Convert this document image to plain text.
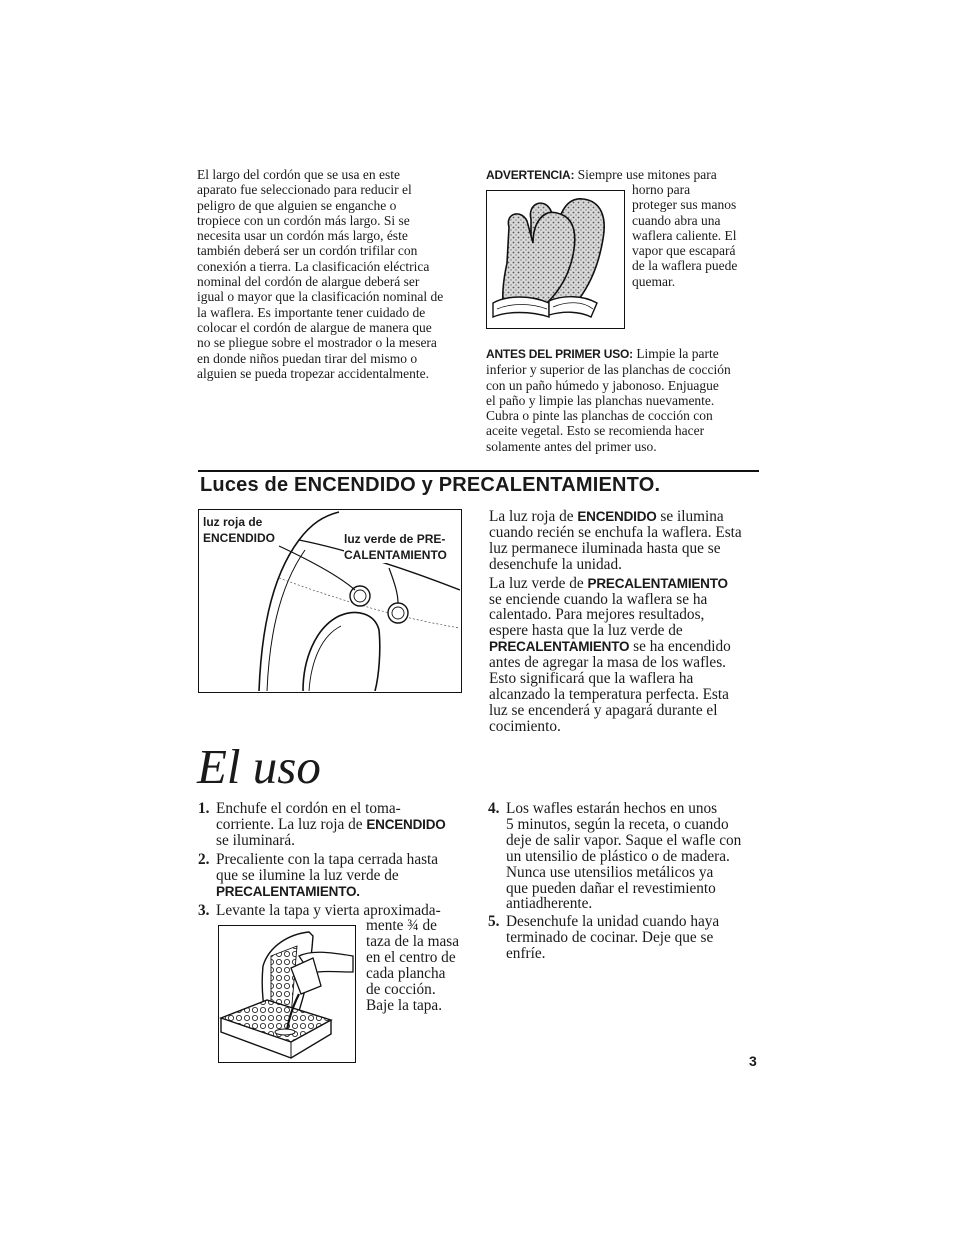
El largo del cordón que se usa en este
aparato fue seleccionado para reducir el
peligro de que alguien se enganche o
tropiece con un cordón más largo. Si se
necesita usar un cordón más largo, éste
también deberá ser un cordón trifilar con
conexión a tierra. La clasificación eléctrica
nominal del cordón de alargue deberá ser
igual o mayor que la clasificación nominal de
la waflera. Es importante tener cuidado de
colocar el cordón de alargue de manera que
no se pliegue sobre el mostrador o la mesera
en donde niños puedan tirar del mismo o
alguien se pueda tropezar accidentalmente.
ADVERTENCIA: Siempre use mitones para
horno para
proteger sus manos
cuando abra una
waflera caliente. El
vapor que escapará
de la waflera puede
quemar.
ANTES DEL PRIMER USO: Limpie la parte
inferior y superior de las planchas de cocción
con un paño húmedo y jabonoso. Enjuague
el paño y limpie las planchas nuevamente.
Cubra o pinte las planchas de cocción con
aceite vegetal. Esto se recomienda hacer
solamente antes del primer uso.
Luces de ENCENDIDO y PRECALENTAMIENTO.
luz roja de
ENCENDIDO	luz verde de PRE-
CALENTAMIENTO
La luz roja de ENCENDIDO se ilumina
cuando recién se enchufa la waflera. Esta
luz permanece iluminada hasta que se
desenchufe la unidad.
La luz verde de PRECALENTAMIENTO
se enciende cuando la waflera se ha
calentado. Para mejores resultados,
espere hasta que la luz verde de
PRECALENTAMIENTO se ha encendido
antes de agregar la masa de los wafles.
Esto significará que la waflera ha
alcanzado la temperatura perfecta. Esta
luz se encenderá y apagará durante el
cocimiento.
El uso
1. Enchufe el cordón en el toma-
corriente. La luz roja de ENCENDIDO
se iluminará.
2. Precaliente con la tapa cerrada hasta
que se ilumine la luz verde de
PRECALENTAMIENTO.
3. Levante la tapa y vierta aproximada-
mente ¾ de
taza de la masa
en el centro de
cada plancha
de cocción.
Baje la tapa.
4. Los wafles estarán hechos en unos
5 minutos, según la receta, o cuando
deje de salir vapor. Saque el wafle con
un utensilio de plástico o de madera.
Nunca use utensilios metálicos ya
que pueden dañar el revestimiento
antiadherente.
5. Desenchufe la unidad cuando haya
terminado de cocinar. Deje que se
enfríe.
3
